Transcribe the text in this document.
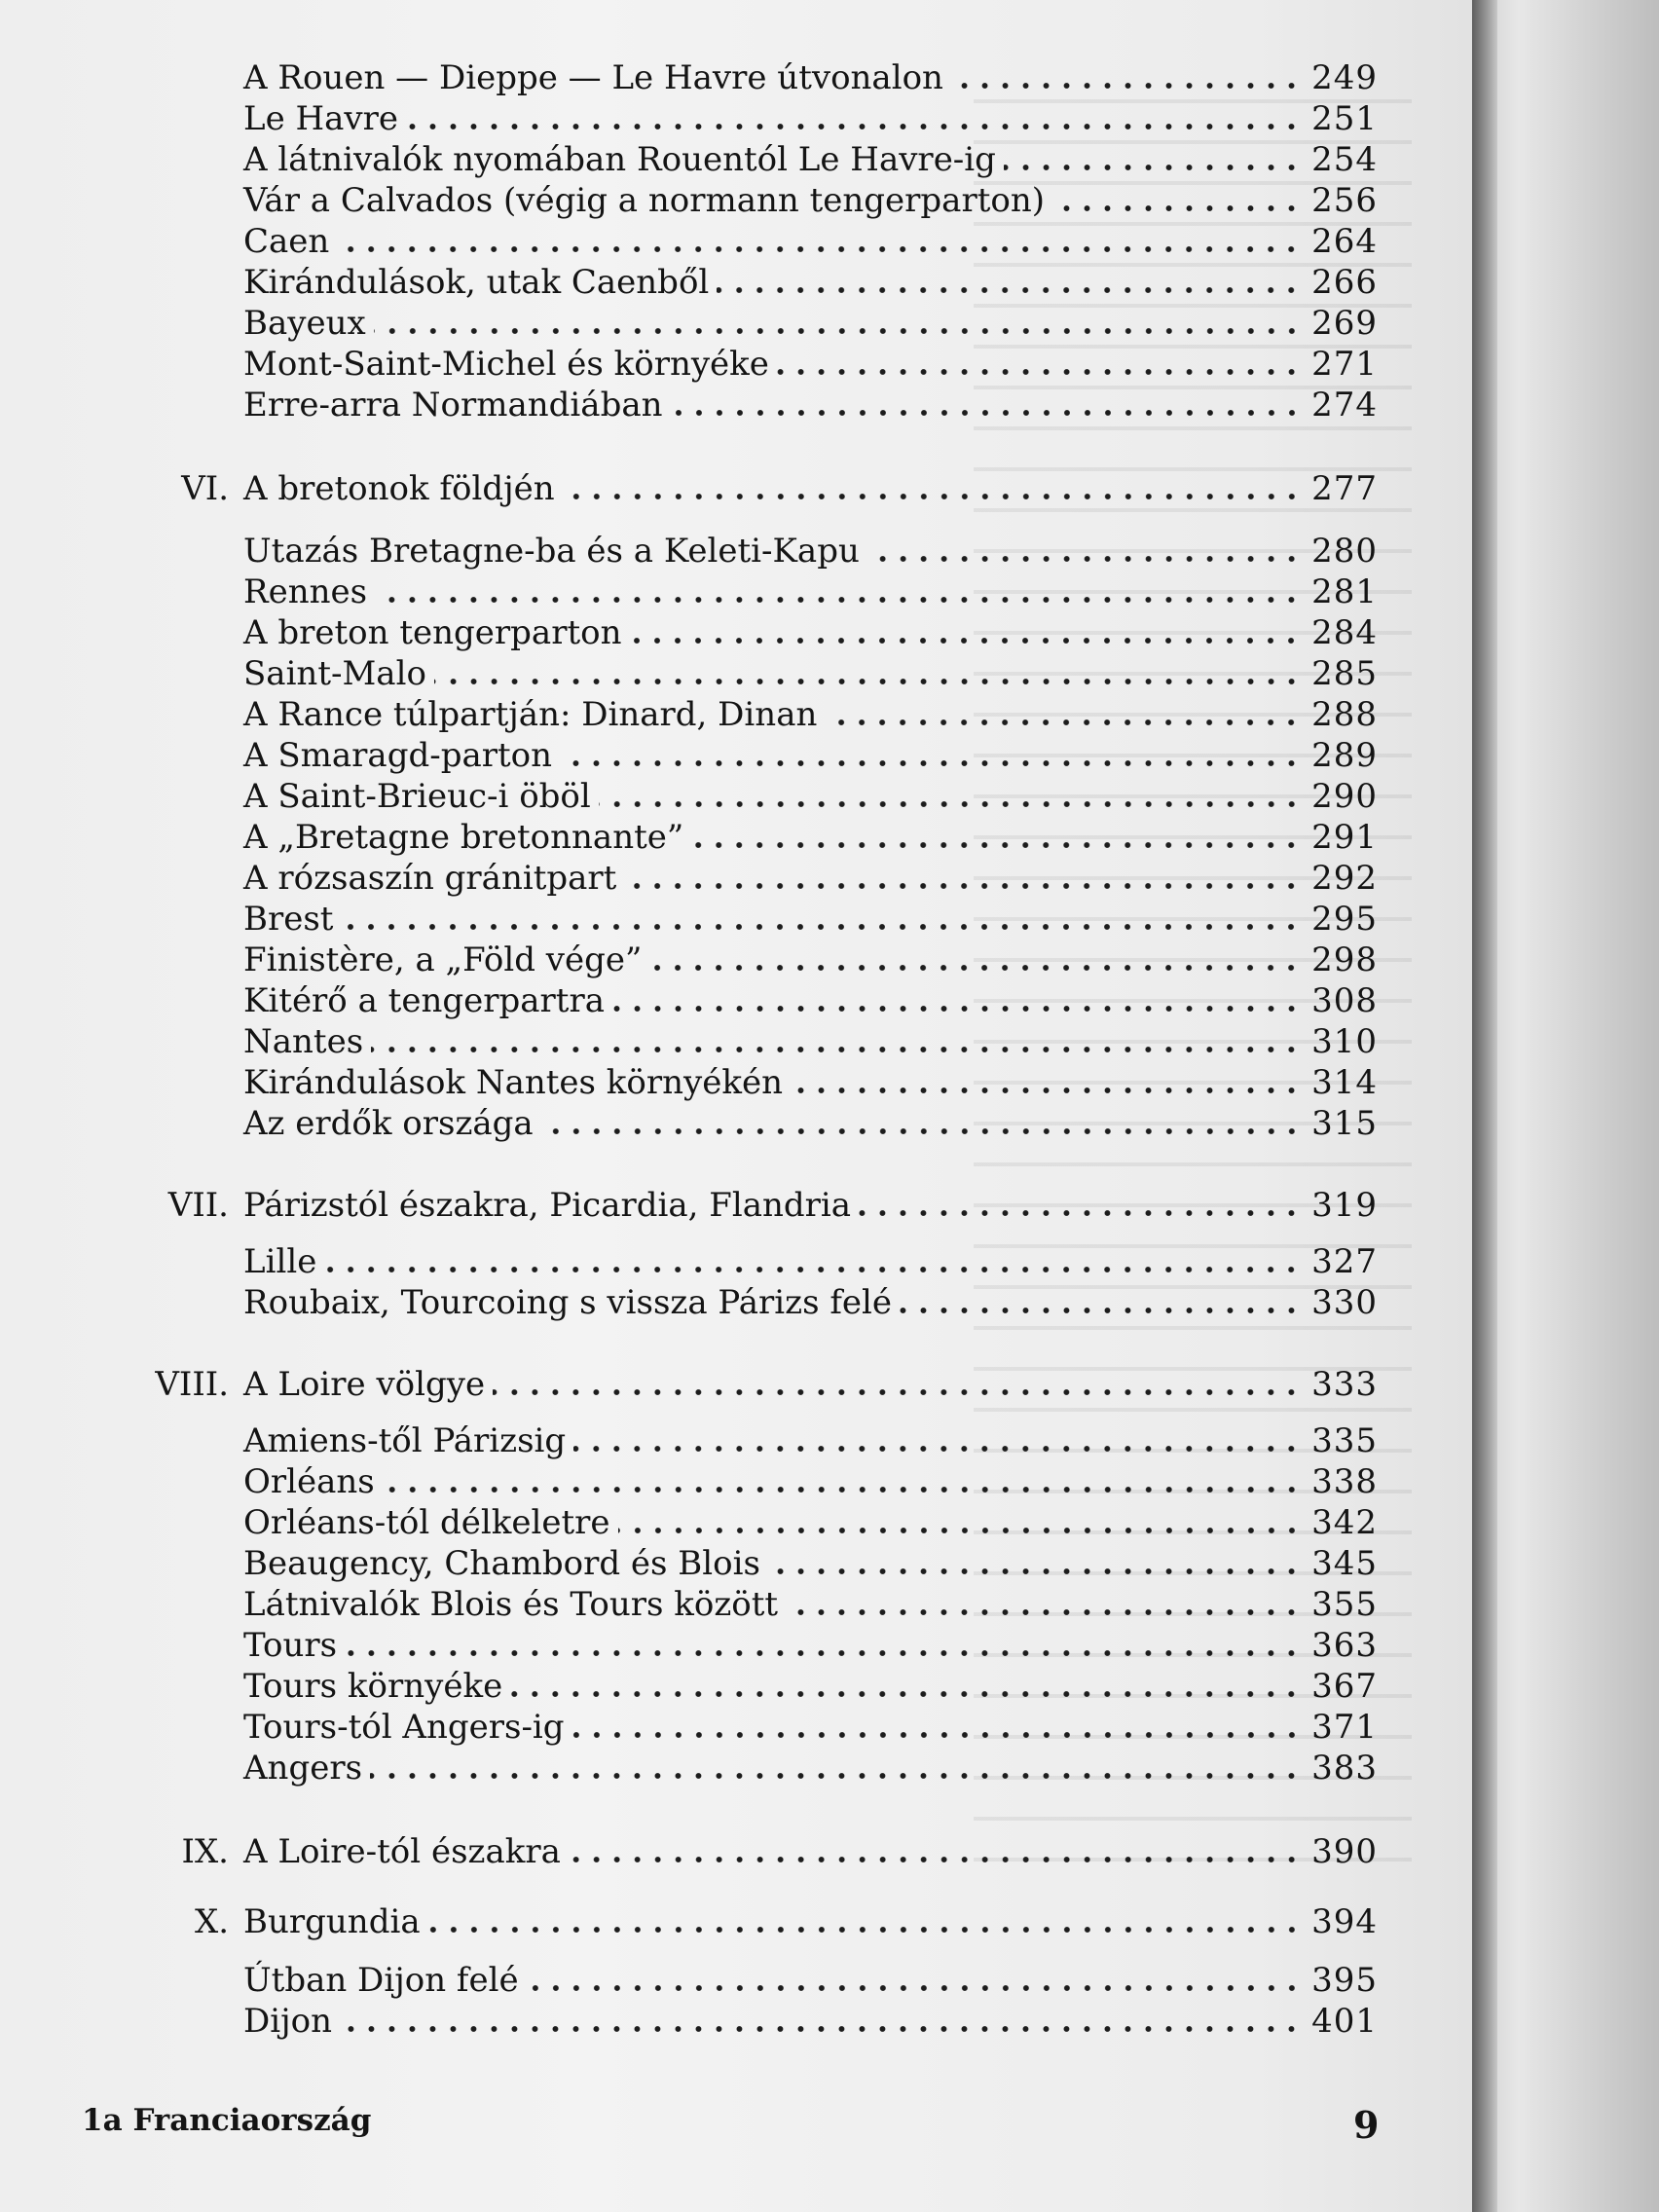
A Rouen — Dieppe — Le Havre útvonalon	249
Le Havre	251
A látnivalók nyomában Rouentól Le Havre-ig	254
Vár a Calvados (végig a normann tengerparton)	256
Caen	264
Kirándulások, utak Caenből	266
Bayeux	269
Mont-Saint-Michel és környéke	271
Erre-arra Normandiában	274
VI. A bretonok földjén	277
Utazás Bretagne-ba és a Keleti-Kapu	280
Rennes	281
A breton tengerparton	284
Saint-Malo	285
A Rance túlpartján: Dinard, Dinan	288
A Smaragd-parton	289
A Saint-Brieuc-i öböl	290
A „Bretagne bretonnante”	291
A rózsaszín gránitpart	292
Brest	295
Finistère, a „Föld vége”	298
Kitérő a tengerpartra	308
Nantes	310
Kirándulások Nantes környékén	314
Az erdők országa	315
VII. Párizstól északra, Picardia, Flandria	319
Lille	327
Roubaix, Tourcoing s vissza Párizs felé	330
VIII. A Loire völgye	333
Amiens-től Párizsig	335
Orléans	338
Orléans-tól délkeletre	342
Beaugency, Chambord és Blois	345
Látnivalók Blois és Tours között	355
Tours	363
Tours környéke	367
Tours-tól Angers-ig	371
Angers	383
IX. A Loire-tól északra	390
X. Burgundia	394
Útban Dijon felé	395
Dijon	401
1a Franciaország	9
